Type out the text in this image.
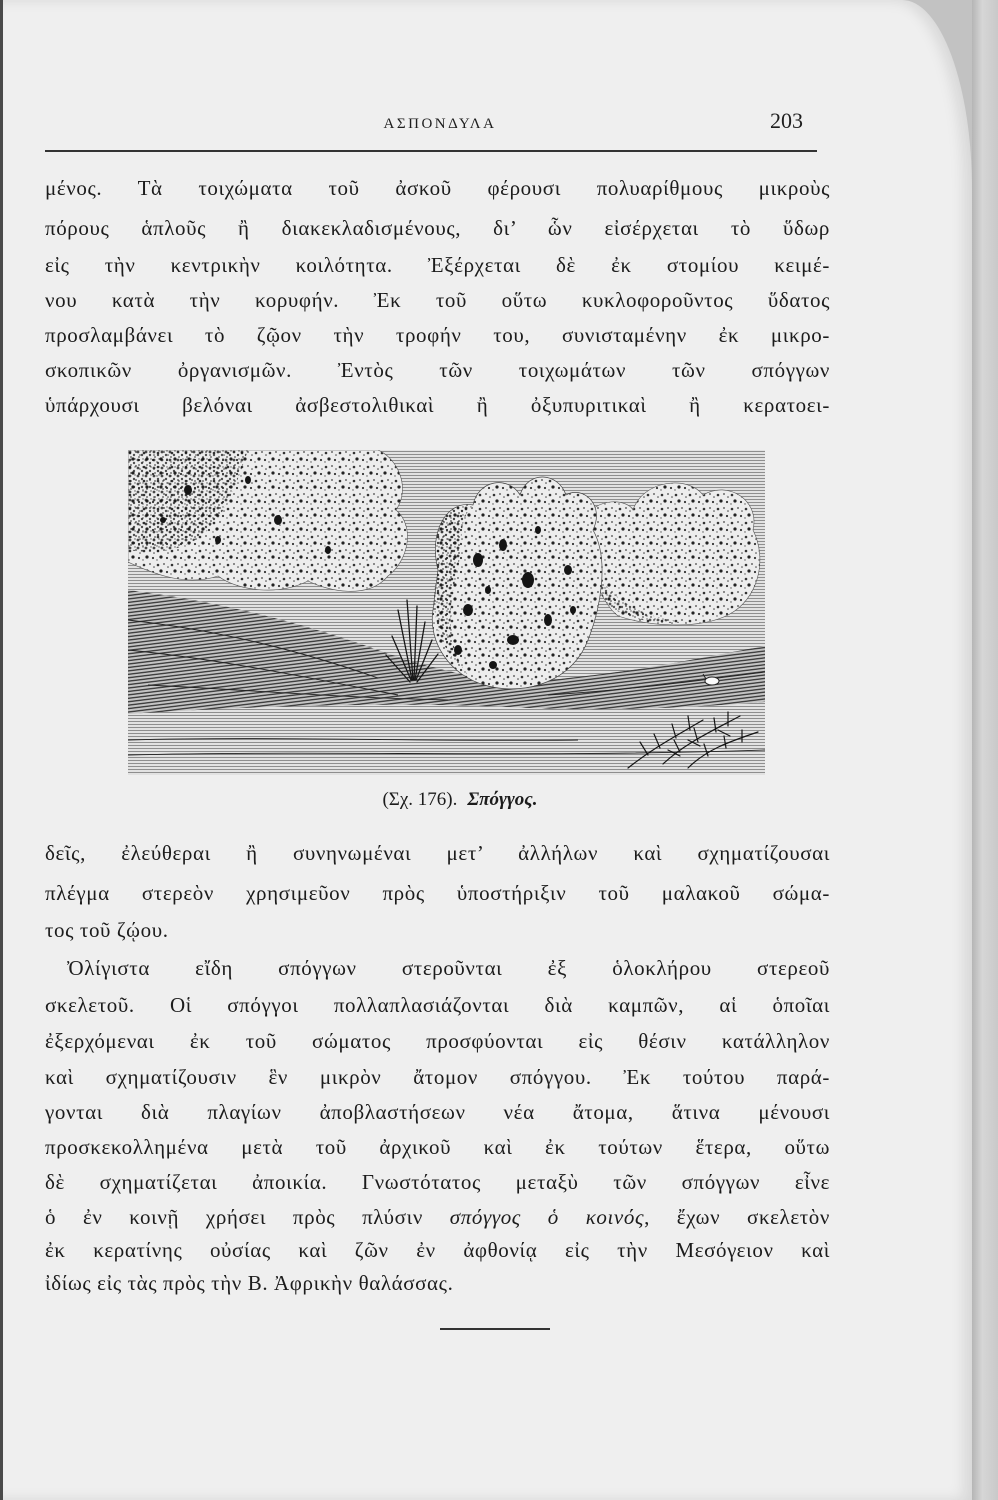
ΑΣΠΟΝΔΥΛΑ	203
μένος. Τὰ τοιχώματα τοῦ ἀσκοῦ φέρουσι πολυαρίθμους μικροὺς
πόρους ἁπλοῦς ἢ διακεκλαδισμένους, δι’ ὧν εἰσέρχεται τὸ ὕδωρ
εἰς τὴν κεντρικὴν κοιλότητα. Ἐξέρχεται δὲ ἐκ στομίου κειμέ-
νου κατὰ τὴν κορυφήν. Ἐκ τοῦ οὕτω κυκλοφοροῦντος ὕδατος
προσλαμβάνει τὸ ζῷον τὴν τροφήν του, συνισταμένην ἐκ μικρο-
σκοπικῶν ὀργανισμῶν. Ἐντὸς τῶν τοιχωμάτων τῶν σπόγγων
ὑπάρχουσι βελόναι ἀσβεστολιθικαὶ ἢ ὀξυπυριτικαὶ ἢ κερατοει-
(Σχ. 176). Σπόγγος.
δεῖς, ἐλεύθεραι ἢ συνηνωμέναι μετ’ ἀλλήλων καὶ σχηματίζουσαι
πλέγμα στερεὸν χρησιμεῦον πρὸς ὑποστήριξιν τοῦ μαλακοῦ σώμα-
τος τοῦ ζῴου.
Ὀλίγιστα εἴδη σπόγγων στεροῦνται ἐξ ὁλοκλήρου στερεοῦ
σκελετοῦ. Οἱ σπόγγοι πολλαπλασιάζονται διὰ καμπῶν, αἱ ὁποῖαι
ἐξερχόμεναι ἐκ τοῦ σώματος προσφύονται εἰς θέσιν κατάλληλον
καὶ σχηματίζουσιν ἓν μικρὸν ἄτομον σπόγγου. Ἐκ τούτου παρά-
γονται διὰ πλαγίων ἀποβλαστήσεων νέα ἄτομα, ἅτινα μένουσι
προσκεκολλημένα μετὰ τοῦ ἀρχικοῦ καὶ ἐκ τούτων ἕτερα, οὕτω
δὲ σχηματίζεται ἀποικία. Γνωστότατος μεταξὺ τῶν σπόγγων εἶνε
ὁ ἐν κοινῇ χρήσει πρὸς πλύσιν σπόγγος ὁ κοινός, ἔχων σκελετὸν
ἐκ κερατίνης οὐσίας καὶ ζῶν ἐν ἀφθονίᾳ εἰς τὴν Μεσόγειον καὶ
ἰδίως εἰς τὰς πρὸς τὴν Β. Ἀφρικὴν θαλάσσας.
